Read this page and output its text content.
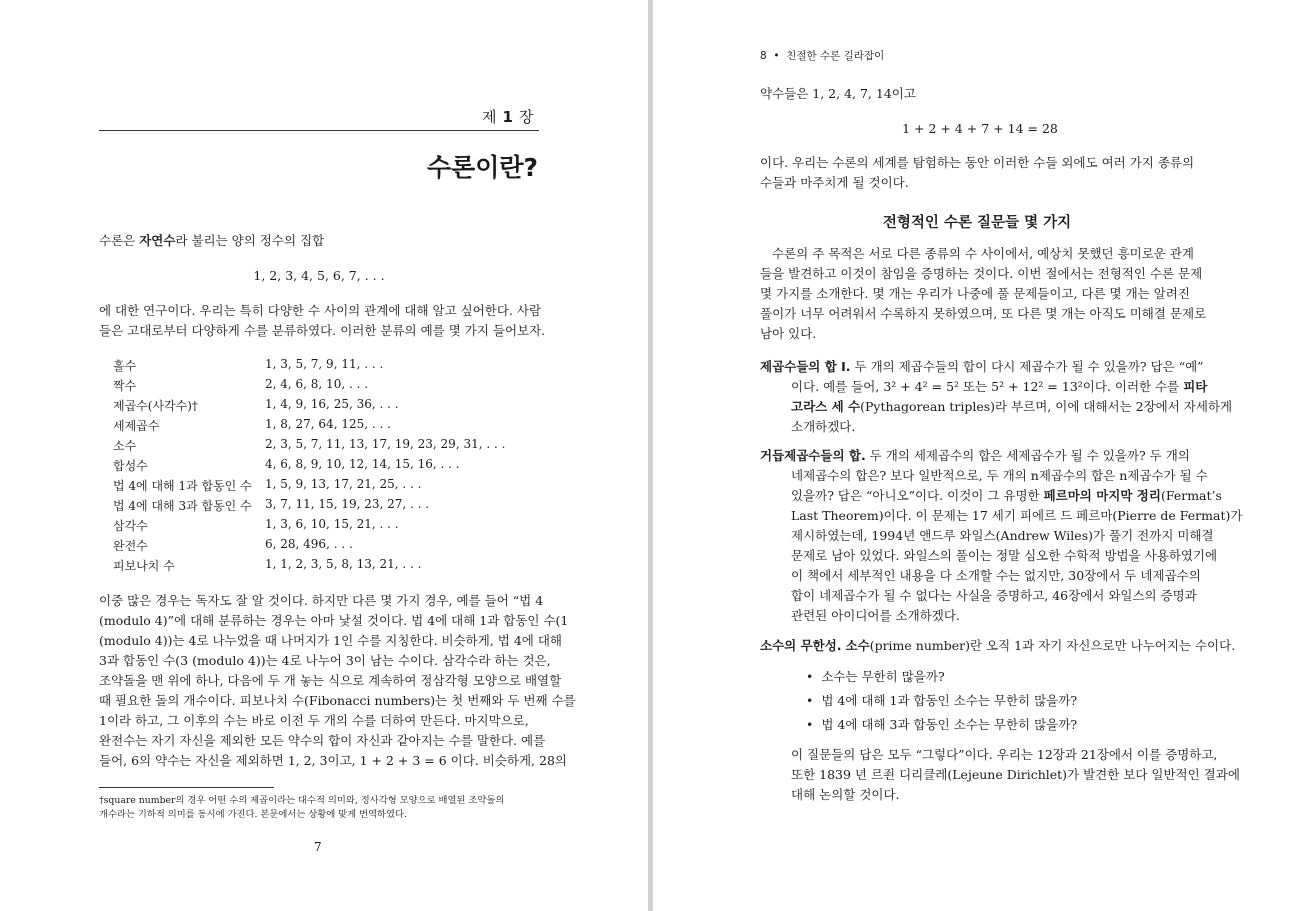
제 1 장
수론이란?
수론은 자연수라 불리는 양의 정수의 집합
1, 2, 3, 4, 5, 6, 7, . . .
에 대한 연구이다. 우리는 특히 다양한 수 사이의 관계에 대해 알고 싶어한다. 사람
들은 고대로부터 다양하게 수를 분류하였다. 이러한 분류의 예를 몇 가지 들어보자.
홀수	1, 3, 5, 7, 9, 11, . . .
짝수	2, 4, 6, 8, 10, . . .
제곱수(사각수)†	1, 4, 9, 16, 25, 36, . . .
세제곱수	1, 8, 27, 64, 125, . . .
소수	2, 3, 5, 7, 11, 13, 17, 19, 23, 29, 31, . . .
합성수	4, 6, 8, 9, 10, 12, 14, 15, 16, . . .
법 4에 대해 1과 합동인 수 1, 5, 9, 13, 17, 21, 25, . . .
법 4에 대해 3과 합동인 수 3, 7, 11, 15, 19, 23, 27, . . .
삼각수	1, 3, 6, 10, 15, 21, . . .
완전수	6, 28, 496, . . .
피보나치 수	1, 1, 2, 3, 5, 8, 13, 21, . . .
이중 많은 경우는 독자도 잘 알 것이다. 하지만 다른 몇 가지 경우, 예를 들어 “법 4
(modulo 4)”에 대해 분류하는 경우는 아마 낯설 것이다. 법 4에 대해 1과 합동인 수(1
(modulo 4))는 4로 나누었을 때 나머지가 1인 수를 지칭한다. 비슷하게, 법 4에 대해
3과 합동인 수(3 (modulo 4))는 4로 나누어 3이 남는 수이다. 삼각수라 하는 것은,
조약돌을 맨 위에 하나, 다음에 두 개 놓는 식으로 계속하여 정삼각형 모양으로 배열할
때 필요한 돌의 개수이다. 피보나치 수(Fibonacci numbers)는 첫 번째와 두 번째 수를
1이라 하고, 그 이후의 수는 바로 이전 두 개의 수를 더하여 만든다. 마지막으로,
완전수는 자기 자신을 제외한 모든 약수의 합이 자신과 같아지는 수를 말한다. 예를
들어, 6의 약수는 자신을 제외하면 1, 2, 3이고, 1 + 2 + 3 = 6 이다. 비슷하게, 28의
†square number의 경우 어떤 수의 제곱이라는 대수적 의미와, 정사각형 모양으로 배열된 조약돌의
개수라는 기하적 의미를 동시에 가진다. 본문에서는 상황에 맞게 번역하였다.
7
8 • 친절한 수론 길라잡이
약수들은 1, 2, 4, 7, 14이고
1 + 2 + 4 + 7 + 14 = 28
이다. 우리는 수론의 세계를 탐험하는 동안 이러한 수들 외에도 여러 가지 종류의
수들과 마주치게 될 것이다.
전형적인 수론 질문들 몇 가지
수론의 주 목적은 서로 다른 종류의 수 사이에서, 예상치 못했던 흥미로운 관계
들을 발견하고 이것이 참임을 증명하는 것이다. 이번 절에서는 전형적인 수론 문제
몇 가지를 소개한다. 몇 개는 우리가 나중에 풀 문제들이고, 다른 몇 개는 알려진
풀이가 너무 어려워서 수록하지 못하였으며, 또 다른 몇 개는 아직도 미해결 문제로
남아 있다.
제곱수들의 합 I. 두 개의 제곱수들의 합이 다시 제곱수가 될 수 있을까? 답은 “예”
이다. 예를 들어, 3² + 4² = 5² 또는 5² + 12² = 13²이다. 이러한 수를 피타
고라스 세 수(Pythagorean triples)라 부르며, 이에 대해서는 2장에서 자세하게
소개하겠다.
거듭제곱수들의 합. 두 개의 세제곱수의 합은 세제곱수가 될 수 있을까? 두 개의
네제곱수의 합은? 보다 일반적으로, 두 개의 n제곱수의 합은 n제곱수가 될 수
있을까? 답은 “아니오”이다. 이것이 그 유명한 페르마의 마지막 정리(Fermat’s
Last Theorem)이다. 이 문제는 17 세기 피에르 드 페르마(Pierre de Fermat)가
제시하였는데, 1994년 앤드루 와일스(Andrew Wiles)가 풀기 전까지 미해결
문제로 남아 있었다. 와일스의 풀이는 정말 심오한 수학적 방법을 사용하였기에
이 책에서 세부적인 내용을 다 소개할 수는 없지만, 30장에서 두 네제곱수의
합이 네제곱수가 될 수 없다는 사실을 증명하고, 46장에서 와일스의 증명과
관련된 아이디어를 소개하겠다.
소수의 무한성. 소수(prime number)란 오직 1과 자기 자신으로만 나누어지는 수이다.
•  소수는 무한히 많을까?
•  법 4에 대해 1과 합동인 소수는 무한히 많을까?
•  법 4에 대해 3과 합동인 소수는 무한히 많을까?
이 질문들의 답은 모두 “그렇다”이다. 우리는 12장과 21장에서 이를 증명하고,
또한 1839 년 르죈 디리클레(Lejeune Dirichlet)가 발견한 보다 일반적인 결과에
대해 논의할 것이다.
